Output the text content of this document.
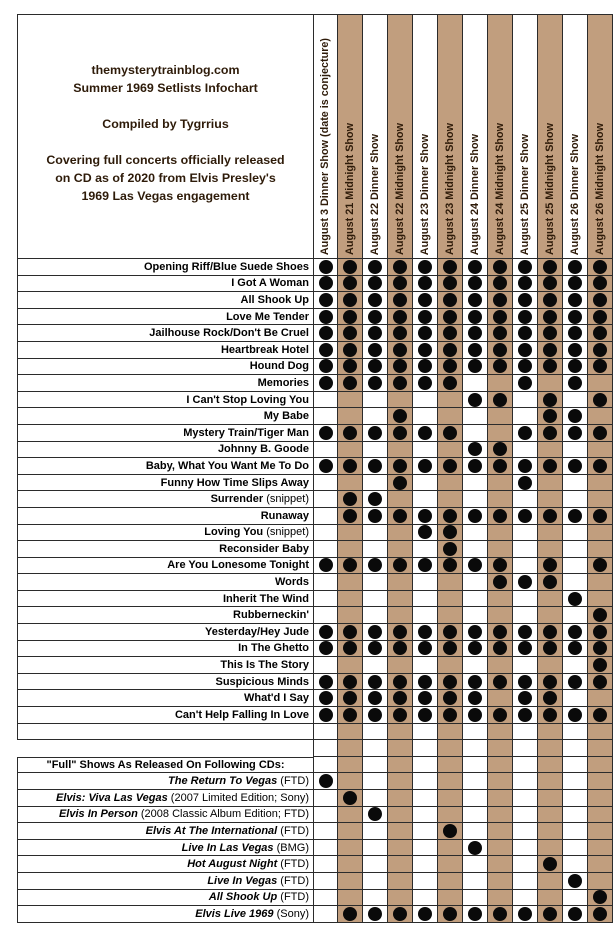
themysterytrainblog.com
Summer 1969 Setlists Infochart
Compiled by Tygrrius
Covering full concerts officially released
on CD as of 2020 from Elvis Presley's
1969 Las Vegas engagement	August 3 Dinner Show (date is conjecture) August 21 Midnight Show August 22 Dinner Show August 22 Midnight Show August 23 Dinner Show August 23 Midnight Show August 24 Dinner Show August 24 Midnight Show August 25 Dinner Show August 25 Midnight Show August 26 Dinner Show August 26 Midnight Show
Opening Riff/Blue Suede Shoes
I Got A Woman
All Shook Up
Love Me Tender
Jailhouse Rock/Don't Be Cruel
Heartbreak Hotel
Hound Dog
Memories
I Can't Stop Loving You
My Babe
Mystery Train/Tiger Man
Johnny B. Goode
Baby, What You Want Me To Do
Funny How Time Slips Away
Surrender (snippet)
Runaway
Loving You (snippet)
Reconsider Baby
Are You Lonesome Tonight
Words
Inherit The Wind
Rubberneckin'
Yesterday/Hey Jude
In The Ghetto
This Is The Story
Suspicious Minds
What'd I Say
Can't Help Falling In Love
"Full" Shows As Released On Following CDs:
The Return To Vegas (FTD)
Elvis: Viva Las Vegas (2007 Limited Edition; Sony)
Elvis In Person (2008 Classic Album Edition; FTD)
Elvis At The International (FTD)
Live In Las Vegas (BMG)
Hot August Night (FTD)
Live In Vegas (FTD)
All Shook Up (FTD)
Elvis Live 1969 (Sony)
